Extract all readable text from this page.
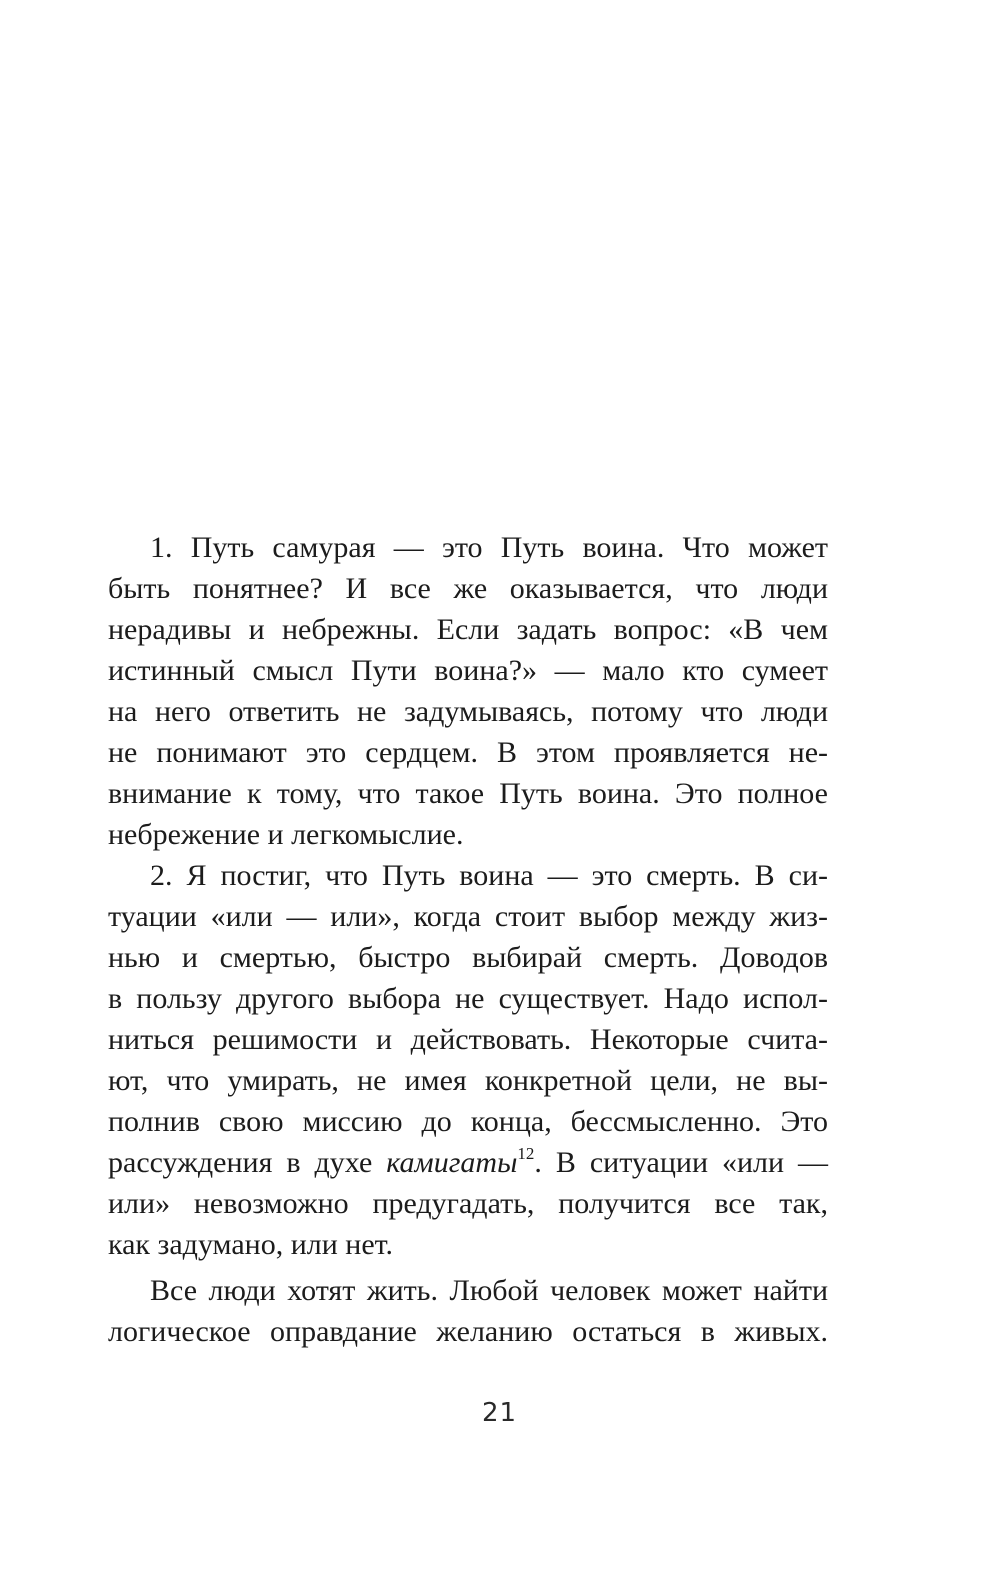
1. Путь самурая — это Путь воина. Что может
быть понятнее? И все же оказывается, что люди
нерадивы и небрежны. Если задать вопрос: «В чем
истинный смысл Пути воина?» — мало кто сумеет
на него ответить не задумываясь, потому что люди
не понимают это сердцем. В этом проявляется не-
внимание к тому, что такое Путь воина. Это полное
небрежение и легкомыслие.
2. Я постиг, что Путь воина — это смерть. В си-
туации «или — или», когда стоит выбор между жиз-
нью и смертью, быстро выбирай смерть. Доводов
в пользу другого выбора не существует. Надо испол-
ниться решимости и действовать. Некоторые счита-
ют, что умирать, не имея конкретной цели, не вы-
полнив свою миссию до конца, бессмысленно. Это
рассуждения в духе камигаты$^{12}$. В ситуации «или —
или» невозможно предугадать, получится все так,
как задумано, или нет.
Все люди хотят жить. Любой человек может найти
логическое оправдание желанию остаться в живых.
21
